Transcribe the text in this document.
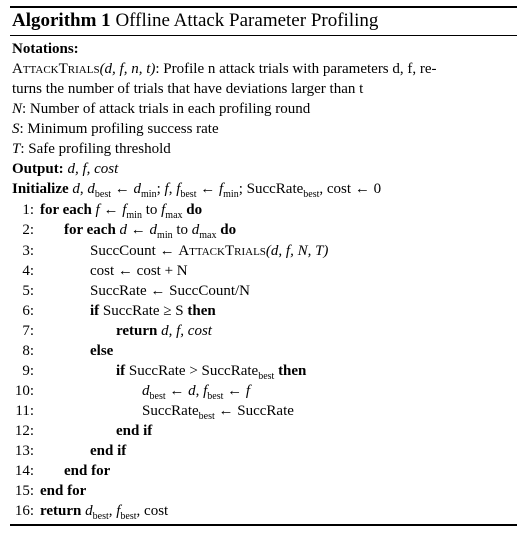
Algorithm 1 Offline Attack Parameter Profiling
Notations:
AttackTrials(d, f, n, t): Profile n attack trials with parameters d, f, re-
turns the number of trials that have deviations larger than t
N: Number of attack trials in each profiling round
S: Minimum profiling success rate
T: Safe profiling threshold
Output: d, f, cost
Initialize d, $d_{best}$ ← $d_{min}$; f, $f_{best}$ ← $f_{min}$; SuccRate$_{best}$, cost ← 0
1: for each f ← $f_{min}$ to $f_{max}$ do
2: for each d ← $d_{min}$ to $d_{max}$ do
3:	SuccCount ← AttackTrials(d, f, N, T)
4:	cost ← cost + N
5:	SuccRate ← SuccCount/N
6:	if SuccRate ≥ S then
7:	return d, f, cost
8:	else
9:	if SuccRate > SuccRate$_{best}$ then
10:	$d_{best}$ ← d, $f_{best}$ ← f
11:	SuccRate$_{best}$ ← SuccRate
12:	end if
13:	end if
14: end for
15: end for
16: return $d_{best}$, $f_{best}$, cost
